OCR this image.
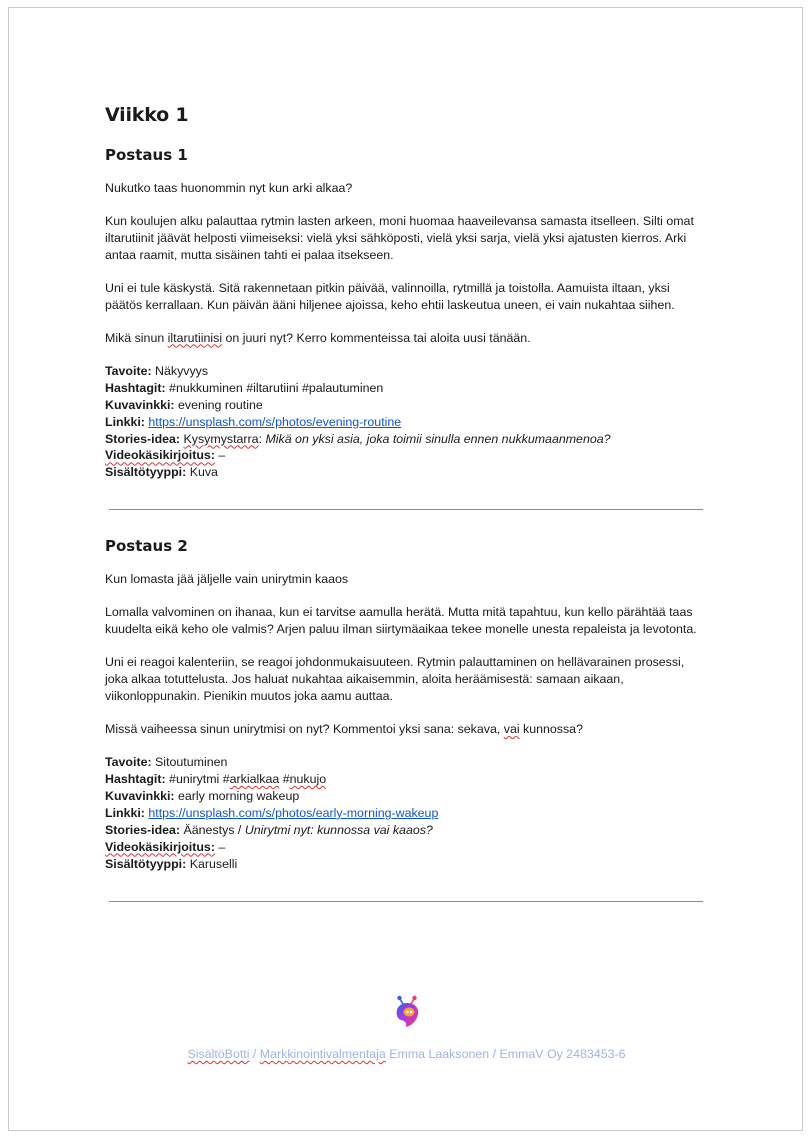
Viikko 1
Postaus 1

Nukutko taas huonommin nyt kun arki alkaa?

Kun koulujen alku palauttaa rytmin lasten arkeen, moni huomaa haaveilevansa samasta itselleen. Silti omat iltarutiinit jäävät helposti viimeiseksi: vielä yksi sähköposti, vielä yksi sarja, vielä yksi ajatusten kierros. Arki antaa raamit, mutta sisäinen tahti ei palaa itsekseen.

Uni ei tule käskystä. Sitä rakennetaan pitkin päivää, valinnoilla, rytmillä ja toistolla. Aamuista iltaan, yksi päätös kerrallaan. Kun päivän ääni hiljenee ajoissa, keho ehtii laskeutua uneen, ei vain nukahtaa siihen.

Mikä sinun iltarutiinisi on juuri nyt? Kerro kommenteissa tai aloita uusi tänään.

Tavoite: Näkyvyys

Hashtagit: #nukkuminen #iltarutiini #palautuminen

Kuvavinkki: evening routine

Linkki: https://unsplash.com/s/photos/evening-routine

Stories-idea: Kysymystarra: Mikä on yksi asia, joka toimii sinulla ennen nukkumaanmenoa?

Videokäsikirjoitus: –

Sisältötyyppi: Kuva

Postaus 2

Kun lomasta jää jäljelle vain unirytmin kaaos

Lomalla valvominen on ihanaa, kun ei tarvitse aamulla herätä. Mutta mitä tapahtuu, kun kello pärähtää taas kuudelta eikä keho ole valmis? Arjen paluu ilman siirtymäaikaa tekee monelle unesta repaleista ja levotonta.

Uni ei reagoi kalenteriin, se reagoi johdonmukaisuuteen. Rytmin palauttaminen on hellävarainen prosessi, joka alkaa totuttelusta. Jos haluat nukahtaa aikaisemmin, aloita heräämisestä: samaan aikaan, viikonloppunakin. Pienikin muutos joka aamu auttaa.

Missä vaiheessa sinun unirytmisi on nyt? Kommentoi yksi sana: sekava, vai kunnossa?

Tavoite: Sitoutuminen

Hashtagit: #unirytmi #arkialkaa #nukujo

Kuvavinkki: early morning wakeup

Linkki: https://unsplash.com/s/photos/early-morning-wakeup

Stories-idea: Äänestys / Unirytmi nyt: kunnossa vai kaaos?

Videokäsikirjoitus: –

Sisältötyyppi: Karuselli

SisältöBotti / Markkinointivalmentaja Emma Laaksonen / EmmaV Oy 2483453-6
